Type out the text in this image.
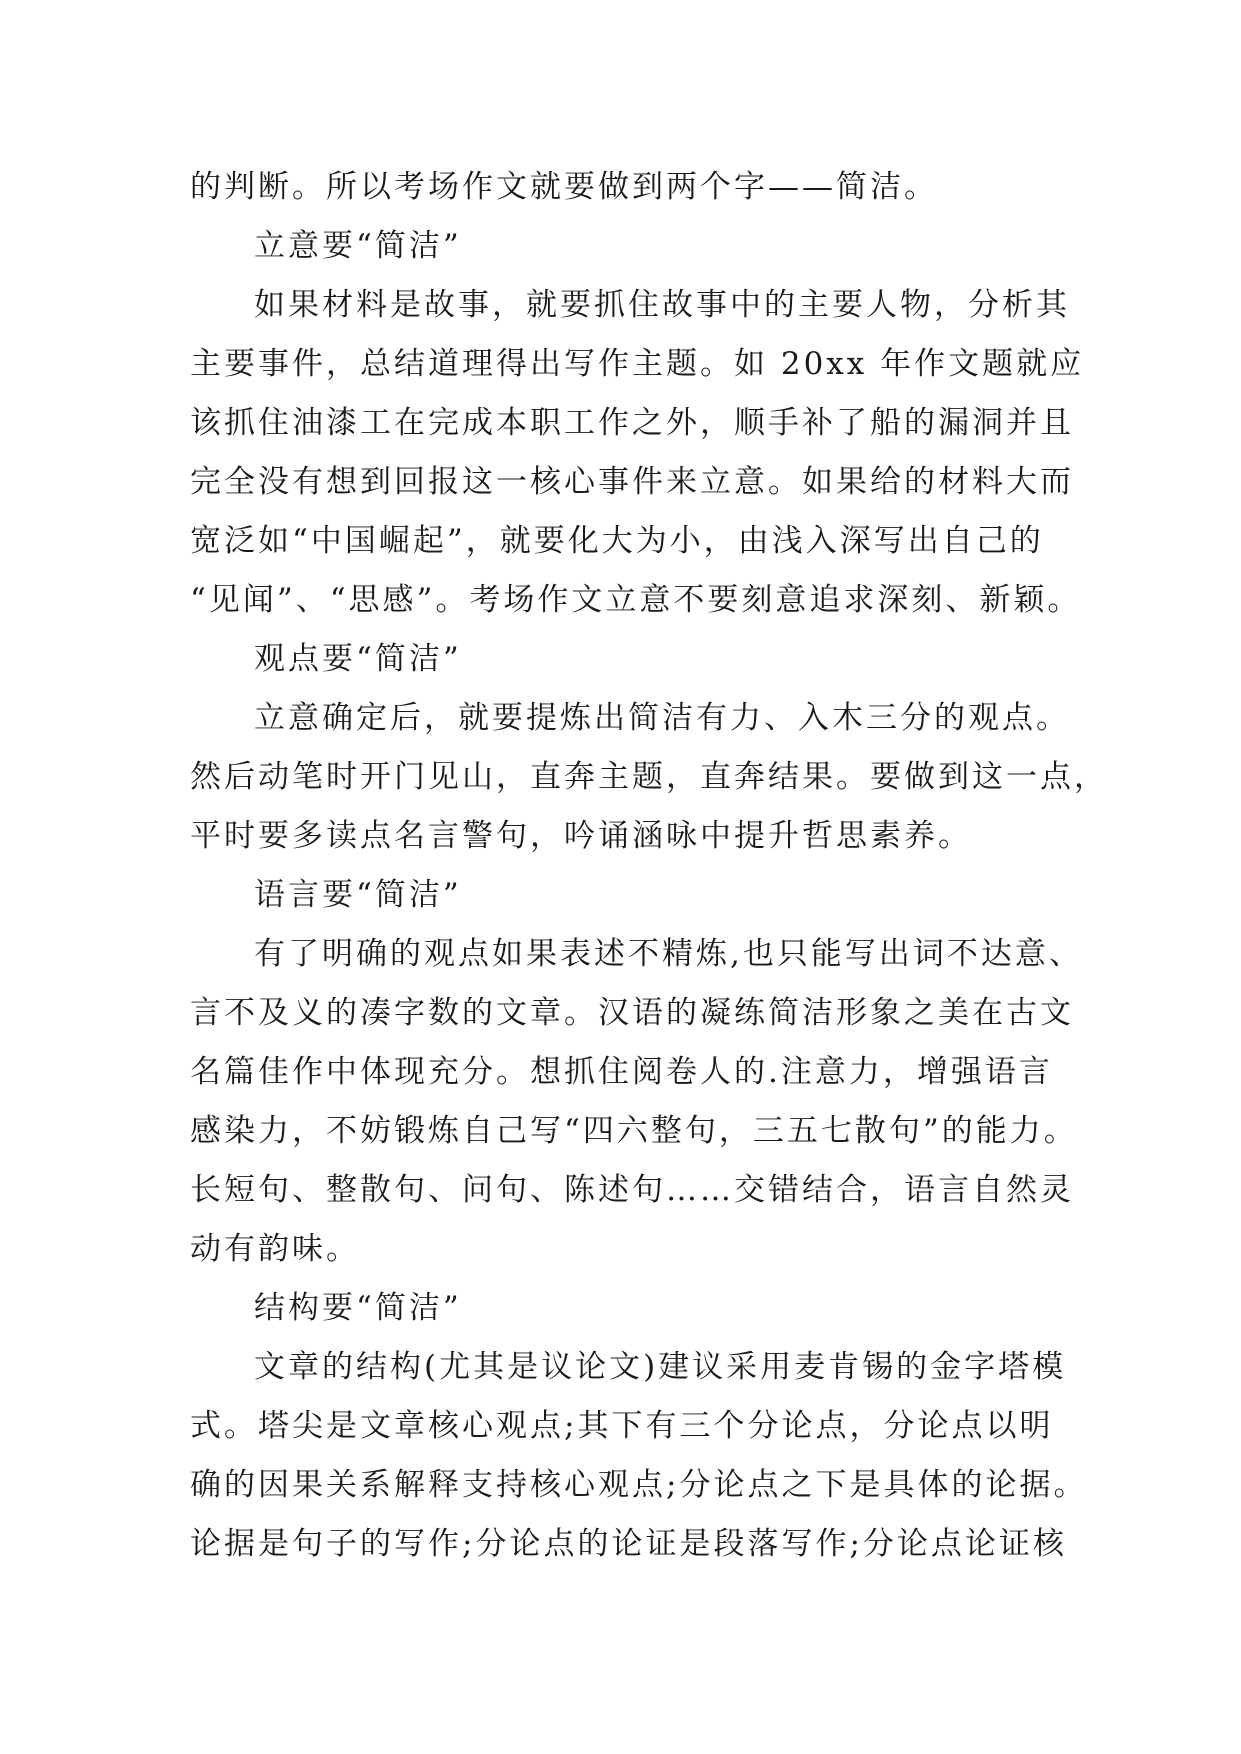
的判断。所以考场作文就要做到两个字——简洁。
立意要“简洁”
如果材料是故事，就要抓住故事中的主要人物，分析其
主要事件，总结道理得出写作主题。如 20xx 年作文题就应
该抓住油漆工在完成本职工作之外，顺手补了船的漏洞并且
完全没有想到回报这一核心事件来立意。如果给的材料大而
宽泛如“中国崛起”，就要化大为小，由浅入深写出自己的
“见闻”、“思感”。考场作文立意不要刻意追求深刻、新颖。
观点要“简洁”
立意确定后，就要提炼出简洁有力、入木三分的观点。
然后动笔时开门见山，直奔主题，直奔结果。要做到这一点，
平时要多读点名言警句，吟诵涵咏中提升哲思素养。
语言要“简洁”
有了明确的观点如果表述不精炼,也只能写出词不达意、
言不及义的凑字数的文章。汉语的凝练简洁形象之美在古文
名篇佳作中体现充分。想抓住阅卷人的.注意力，增强语言
感染力，不妨锻炼自己写“四六整句，三五七散句”的能力。
长短句、整散句、问句、陈述句……交错结合，语言自然灵
动有韵味。
结构要“简洁”
文章的结构(尤其是议论文)建议采用麦肯锡的金字塔模
式。塔尖是文章核心观点;其下有三个分论点，分论点以明
确的因果关系解释支持核心观点;分论点之下是具体的论据。
论据是句子的写作;分论点的论证是段落写作;分论点论证核
